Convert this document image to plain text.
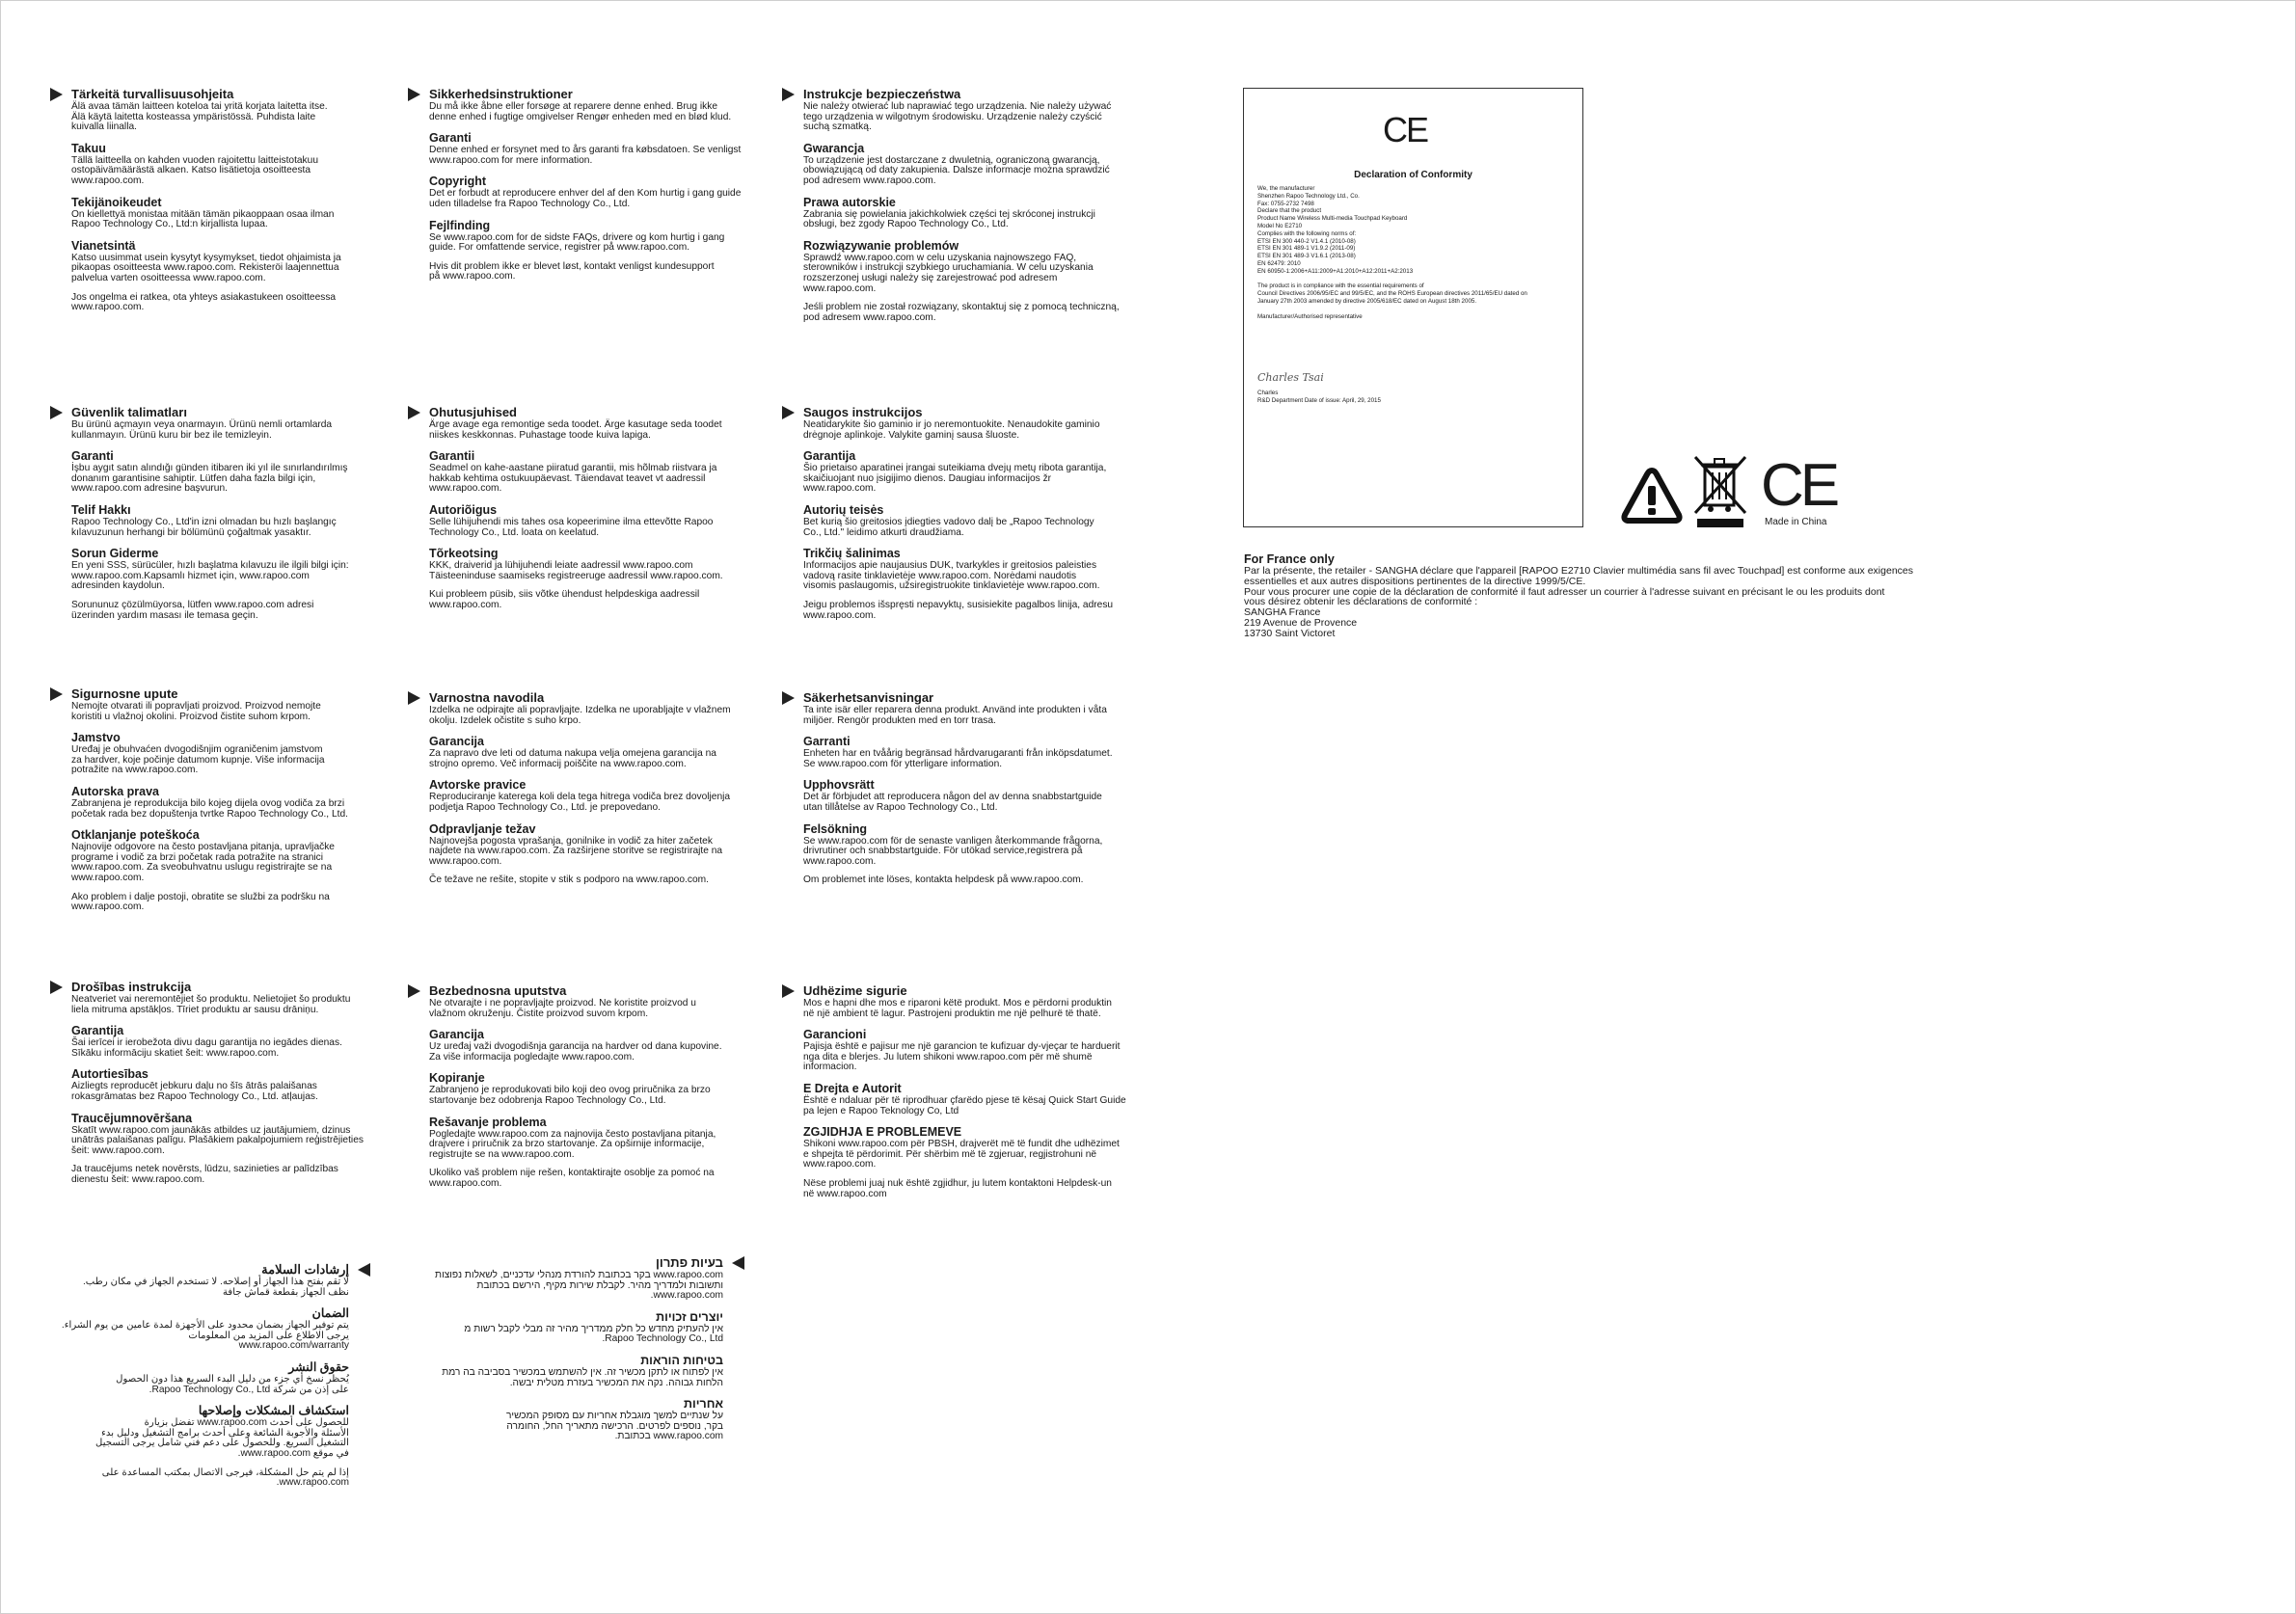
Tärkeitä turvallisuusohjeita

Älä avaa tämän laitteen koteloa tai yritä korjata laitetta itse.
Älä käytä laitetta kosteassa ympäristössä. Puhdista laite
kuivalla liinalla.

Takuu

Tällä laitteella on kahden vuoden rajoitettu laitteistotakuu
ostopäivämäärästä alkaen. Katso lisätietoja osoitteesta
www.rapoo.com.

Tekijänoikeudet

On kiellettyä monistaa mitään tämän pikaoppaan osaa ilman
Rapoo Technology Co., Ltd:n kirjallista lupaa.

Vianetsintä

Katso uusimmat usein kysytyt kysymykset, tiedot ohjaimista ja
pikaopas osoitteesta www.rapoo.com. Rekisteröi laajennettua
palvelua varten osoitteessa www.rapoo.com.

Jos ongelma ei ratkea, ota yhteys asiakastukeen osoitteessa
www.rapoo.com.

Sikkerhedsinstruktioner

Du må ikke åbne eller forsøge at reparere denne enhed. Brug ikke
denne enhed i fugtige omgivelser Rengør enheden med en blød klud.

Garanti

Denne enhed er forsynet med to års garanti fra købsdatoen. Se venligst
www.rapoo.com for mere information.

Copyright

Det er forbudt at reproducere enhver del af den Kom hurtig i gang guide
uden tilladelse fra Rapoo Technology Co., Ltd.

Fejlfinding

Se www.rapoo.com for de sidste FAQs, drivere og kom hurtig i gang
guide. For omfattende service, registrer på www.rapoo.com.

Hvis dit problem ikke er blevet løst, kontakt venligst kundesupport
på www.rapoo.com.

Instrukcje bezpieczeństwa

Nie należy otwierać lub naprawiać tego urządzenia. Nie należy używać
tego urządzenia w wilgotnym środowisku. Urządzenie należy czyścić
suchą szmatką.

Gwarancja

To urządzenie jest dostarczane z dwuletnią, ograniczoną gwarancją,
obowiązującą od daty zakupienia. Dalsze informacje można sprawdzić
pod adresem www.rapoo.com.

Prawa autorskie

Zabrania się powielania jakichkolwiek części tej skróconej instrukcji
obsługi, bez zgody Rapoo Technology Co., Ltd.

Rozwiązywanie problemów

Sprawdź www.rapoo.com w celu uzyskania najnowszego FAQ,
sterowników i instrukcji szybkiego uruchamiania. W celu uzyskania
rozszerzonej usługi należy się zarejestrować pod adresem
www.rapoo.com.

Jeśli problem nie został rozwiązany, skontaktuj się z pomocą techniczną,
pod adresem www.rapoo.com.

Güvenlik talimatları

Bu ürünü açmayın veya onarmayın. Ürünü nemli ortamlarda
kullanmayın. Ürünü kuru bir bez ile temizleyin.

Garanti

İşbu aygıt satın alındığı günden itibaren iki yıl ile sınırlandırılmış
donanım garantisine sahiptir. Lütfen daha fazla bilgi için,
www.rapoo.com adresine başvurun.

Telif Hakkı

Rapoo Technology Co., Ltd'in izni olmadan bu hızlı başlangıç
kılavuzunun herhangi bir bölümünü çoğaltmak yasaktır.

Sorun Giderme

En yeni SSS, sürücüler, hızlı başlatma kılavuzu ile ilgili bilgi için:
www.rapoo.com.Kapsamlı hizmet için, www.rapoo.com
adresinden kaydolun.

Sorununuz çözülmüyorsa, lütfen www.rapoo.com adresi
üzerinden yardım masası ile temasa geçin.

Ohutusjuhised

Ärge avage ega remontige seda toodet. Ärge kasutage seda toodet
niiskes keskkonnas. Puhastage toode kuiva lapiga.

Garantii

Seadmel on kahe-aastane piiratud garantii, mis hõlmab riistvara ja
hakkab kehtima ostukuupäevast. Täiendavat teavet vt aadressil
www.rapoo.com.

Autoriõigus

Selle lühijuhendi mis tahes osa kopeerimine ilma ettevõtte Rapoo
Technology Co., Ltd. loata on keelatud.

Tõrkeotsing

KKK, draiverid ja lühijuhendi leiate aadressil www.rapoo.com
Täisteeninduse saamiseks registreeruge aadressil www.rapoo.com.

Kui probleem püsib, siis võtke ühendust helpdeskiga aadressil
www.rapoo.com.

Saugos instrukcijos

Neatidarykite šio gaminio ir jo neremontuokite. Nenaudokite gaminio
drėgnoje aplinkoje. Valykite gaminį sausa šluoste.

Garantija

Šio prietaiso aparatinei įrangai suteikiama dvejų metų ribota garantija,
skaičiuojant nuo įsigijimo dienos. Daugiau informacijos žr
www.rapoo.com.

Autorių teisės

Bet kurią šio greitosios įdiegties vadovo dalį be „Rapoo Technology
Co., Ltd." leidimo atkurti draudžiama.

Trikčių šalinimas

Informacijos apie naujausius DUK, tvarkykles ir greitosios paleisties
vadovą rasite tinklavietėje www.rapoo.com. Norėdami naudotis
visomis paslaugomis, užsiregistruokite tinklavietėje www.rapoo.com.

Jeigu problemos išspręsti nepavyktų, susisiekite pagalbos linija, adresu
www.rapoo.com.

Sigurnosne upute

Nemojte otvarati ili popravljati proizvod. Proizvod nemojte
koristiti u vlažnoj okolini. Proizvod čistite suhom krpom.

Jamstvo

Uređaj je obuhvaćen dvogodišnjim ograničenim jamstvom
za hardver, koje počinje datumom kupnje. Više informacija
potražite na www.rapoo.com.

Autorska prava

Zabranjena je reprodukcija bilo kojeg dijela ovog vodiča za brzi
početak rada bez dopuštenja tvrtke Rapoo Technology Co., Ltd.

Otklanjanje poteškoća

Najnovije odgovore na često postavljana pitanja, upravljačke
programe i vodič za brzi početak rada potražite na stranici
www.rapoo.com. Za sveobuhvatnu uslugu registrirajte se na
www.rapoo.com.

Ako problem i dalje postoji, obratite se službi za podršku na
www.rapoo.com.

Varnostna navodila

Izdelka ne odpirajte ali popravljajte. Izdelka ne uporabljajte v vlažnem
okolju. Izdelek očistite s suho krpo.

Garancija

Za napravo dve leti od datuma nakupa velja omejena garancija na
strojno opremo. Več informacij poiščite na www.rapoo.com.

Avtorske pravice

Reproduciranje katerega koli dela tega hitrega vodiča brez dovoljenja
podjetja Rapoo Technology Co., Ltd. je prepovedano.

Odpravljanje težav

Najnovejša pogosta vprašanja, gonilnike in vodič za hiter začetek
najdete na www.rapoo.com. Za razširjene storitve se registrirajte na
www.rapoo.com.

Če težave ne rešite, stopite v stik s podporo na www.rapoo.com.

Säkerhetsanvisningar

Ta inte isär eller reparera denna produkt. Använd inte produkten i våta
miljöer. Rengör produkten med en torr trasa.

Garranti

Enheten har en tvåårig begränsad hårdvarugaranti från inköpsdatumet.
Se www.rapoo.com för ytterligare information.

Upphovsrätt

Det är förbjudet att reproducera någon del av denna snabbstartguide
utan tillåtelse av Rapoo Technology Co., Ltd.

Felsökning

Se www.rapoo.com för de senaste vanligen återkommande frågorna,
drivrutiner och snabbstartguide. För utökad service,registrera på
www.rapoo.com.

Om problemet inte löses, kontakta helpdesk på www.rapoo.com.

Drošības instrukcija

Neatveriet vai neremontējiet šo produktu. Nelietojiet šo produktu
liela mitruma apstākļos. Tīriet produktu ar sausu drāniņu.

Garantija

Šai ierīcei ir ierobežota divu dagu garantija no iegādes dienas.
Sīkāku informāciju skatiet šeit: www.rapoo.com.

Autortiesības

Aizliegts reproducēt jebkuru daļu no šīs ātrās palaišanas
rokasgrāmatas bez Rapoo Technology Co., Ltd. atļaujas.

Traucējumnovēršana

Skatīt www.rapoo.com jaunākās atbildes uz jautājumiem, dzinus
unātrās palaišanas palīgu. Plašākiem pakalpojumiem reģistrējieties
šeit: www.rapoo.com.

Ja traucējums netek novērsts, lūdzu, sazinieties ar palīdzības
dienestu šeit: www.rapoo.com.

Bezbednosna uputstva

Ne otvarajte i ne popravljajte proizvod. Ne koristite proizvod u
vlažnom okruženju. Čistite proizvod suvom krpom.

Garancija

Uz uređaj važi dvogodišnja garancija na hardver od dana kupovine.
Za više informacija pogledajte www.rapoo.com.

Kopiranje

Zabranjeno je reprodukovati bilo koji deo ovog priručnika za brzo
startovanje bez odobrenja Rapoo Technology Co., Ltd.

Rešavanje problema

Pogledajte www.rapoo.com za najnovija često postavljana pitanja,
drajvere i priručnik za brzo startovanje. Za opširnije informacije,
registrujte se na www.rapoo.com.

Ukoliko vaš problem nije rešen, kontaktirajte osoblje za pomoć na
www.rapoo.com.

Udhëzime sigurie

Mos e hapni dhe mos e riparoni këtë produkt. Mos e përdorni produktin
në një ambient të lagur. Pastrojeni produktin me një pelhurë të thatë.

Garancioni

Pajisja është e pajisur me një garancion te kufizuar dy-vjeçar te harduerit
nga dita e blerjes. Ju lutem shikoni www.rapoo.com për më shumë
informacion.

E Drejta e Autorit

Është e ndaluar për të riprodhuar çfarëdo pjese të kësaj Quick Start Guide
pa lejen e Rapoo Teknology Co, Ltd

ZGJIDHJA E PROBLEMEVE

Shikoni www.rapoo.com për PBSH, drajverët më të fundit dhe udhëzimet
e shpejta të përdorimit. Për shërbim më të zgjeruar, regjistrohuni në
www.rapoo.com.

Nëse problemi juaj nuk është zgjidhur, ju lutem kontaktoni Helpdesk-un
në www.rapoo.com

إرشادات السلامة

لا تقم بفتح هذا الجهاز أو إصلاحه. لا تستخدم الجهاز في مكان رطب.
نظف الجهاز بقطعة قماش جافة

الضمان

يتم توفير الجهاز بضمان محدود على الأجهزة لمدة عامين من يوم الشراء.
يرجى الاطلاع على المزيد من المعلومات
www.rapoo.com/warranty

حقوق النشر

يُحظر نسخ أي جزء من دليل البدء السريع هذا دون الحصول
على إذن من شركة Rapoo Technology Co., Ltd.

استكشاف المشكلات وإصلاحها

للحصول على أحدث www.rapoo.com تفضل بزيارة
الأسئلة والأجوبة الشائعة وعلى أحدث برامج التشغيل ودليل بدء
التشغيل السريع. وللحصول على دعم فني شامل يرجى التسجيل
في موقع www.rapoo.com.

إذا لم يتم حل المشكلة، فيرجى الاتصال بمكتب المساعدة على
www.rapoo.com.

בעיות פתרון

www.rapoo.com בקר בכתובת להורדת מנהלי עדכניים, לשאלות נפוצות
ותשובות ולמדריך מהיר. לקבלת שירות מקיף, הירשם בכתובת
www.rapoo.com.

יוצרים זכויות

אין להעתיק מחדש כל חלק ממדריך מהיר זה מבלי לקבל רשות מ
Rapoo Technology Co., Ltd.

בטיחות הוראות

אין לפתוח או לתקן מכשיר זה. אין להשתמש במכשיר בסביבה בה רמת
הלחות גבוהה. נקה את המכשיר בעזרת מטלית יבשה.

אחריות

על שנתיים למשך מוגבלת אחריות עם מסופק המכשיר
בקר, נוספים לפרטים. הרכישה מתאריך החל, החומרה
www.rapoo.com בכתובת.

CE
Declaration of Conformity
We, the manufacturer
Shenzhen Rapoo Technology Ltd., Co.
Fax: 0755-2732 7498
Declare that the product
Product Name Wireless Multi-media Touchpad Keyboard
Model No E2710
Complies with the following norms of:
ETSI EN 300 440-2 V1.4.1 (2010-08)
ETSI EN 301 489-1 V1.9.2 (2011-09)
ETSI EN 301 489-3 V1.6.1 (2013-08)
EN 62479: 2010
EN 60950-1:2006+A11:2009+A1:2010+A12:2011+A2:2013

The product is in compliance with the essential requirements of
Council Directives 2006/95/EC and 99/5/EC, and the ROHS European directives 2011/65/EU dated on
January 27th 2003 amended by directive 2005/618/EC dated on August 18th 2005.

Manufacturer/Authorised representative

Charles Tsai

Charles
R&D Department Date of issue: April, 29, 2015

CE
Made in China
For France only

Par la présente, the retailer - SANGHA déclare que l'appareil [RAPOO E2710 Clavier multimédia sans fil avec Touchpad] est conforme aux exigences
essentielles et aux autres dispositions pertinentes de la directive 1999/5/CE.
Pour vous procurer une copie de la déclaration de conformité il faut adresser un courrier à l'adresse suivant en précisant le ou les produits dont
vous désirez obtenir les déclarations de conformité :
SANGHA France
219 Avenue de Provence
13730 Saint Victoret
